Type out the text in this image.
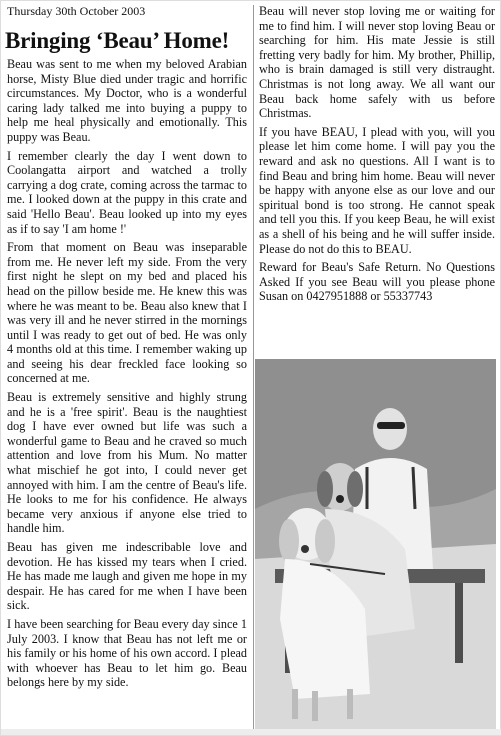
Thursday 30th October 2003
Bringing ‘Beau’ Home!

Beau was sent to me when my beloved Arabian horse, Misty Blue died under tragic and horrific circumstances. My Doctor, who is a wonderful caring lady talked me into buying a puppy to help me heal physically and emotionally. This puppy was Beau.

I remember clearly the day I went down to Coolangatta airport and watched a trolly carrying a dog crate, coming across the tarmac to me. I looked down at the puppy in this crate and said 'Hello Beau'. Beau looked up into my eyes as if to say 'I am home !'

From that moment on Beau was inseparable from me. He never left my side. From the very first night he slept on my bed and placed his head on the pillow beside me. He knew this was where he was meant to be. Beau also knew that I was very ill and he never stirred in the mornings until I was ready to get out of bed. He was only 4 months old at this time. I remember waking up and seeing his dear freckled face looking so concerned at me.

Beau is extremely sensitive and highly strung and he is a 'free spirit'. Beau is the naughtiest dog I have ever owned but life was such a wonderful game to Beau and he craved so much attention and love from his Mum. No matter what mischief he got into, I could never get annoyed with him. I am the centre of Beau's life. He looks to me for his confidence. He always became very anxious if anyone else tried to handle him.

Beau has given me indescribable love and devotion. He has kissed my tears when I cried. He has made me laugh and given me hope in my despair. He has cared for me when I have been sick.

I have been searching for Beau every day since 1 July 2003. I know that Beau has not left me or his family or his home of his own accord. I plead with whoever has Beau to let him go. Beau belongs here by my side.

Beau will never stop loving me or waiting for me to find him. I will never stop loving Beau or searching for him. His mate Jessie is still fretting very badly for him. My brother, Phillip, who is brain damaged is still very distraught. Christmas is not long away. We all want our Beau back home safely with us before Christmas.

If you have BEAU, I plead with you, will you please let him come home. I will pay you the reward and ask no questions. All I want is to find Beau and bring him home. Beau will never be happy with anyone else as our love and our spiritual bond is too strong. He cannot speak and tell you this. If you keep Beau, he will exist as a shell of his being and he will suffer inside. Please do not do this to BEAU.

Reward for Beau's Safe Return. No Questions Asked If you see Beau will you please phone Susan on 0427951888 or 55337743
